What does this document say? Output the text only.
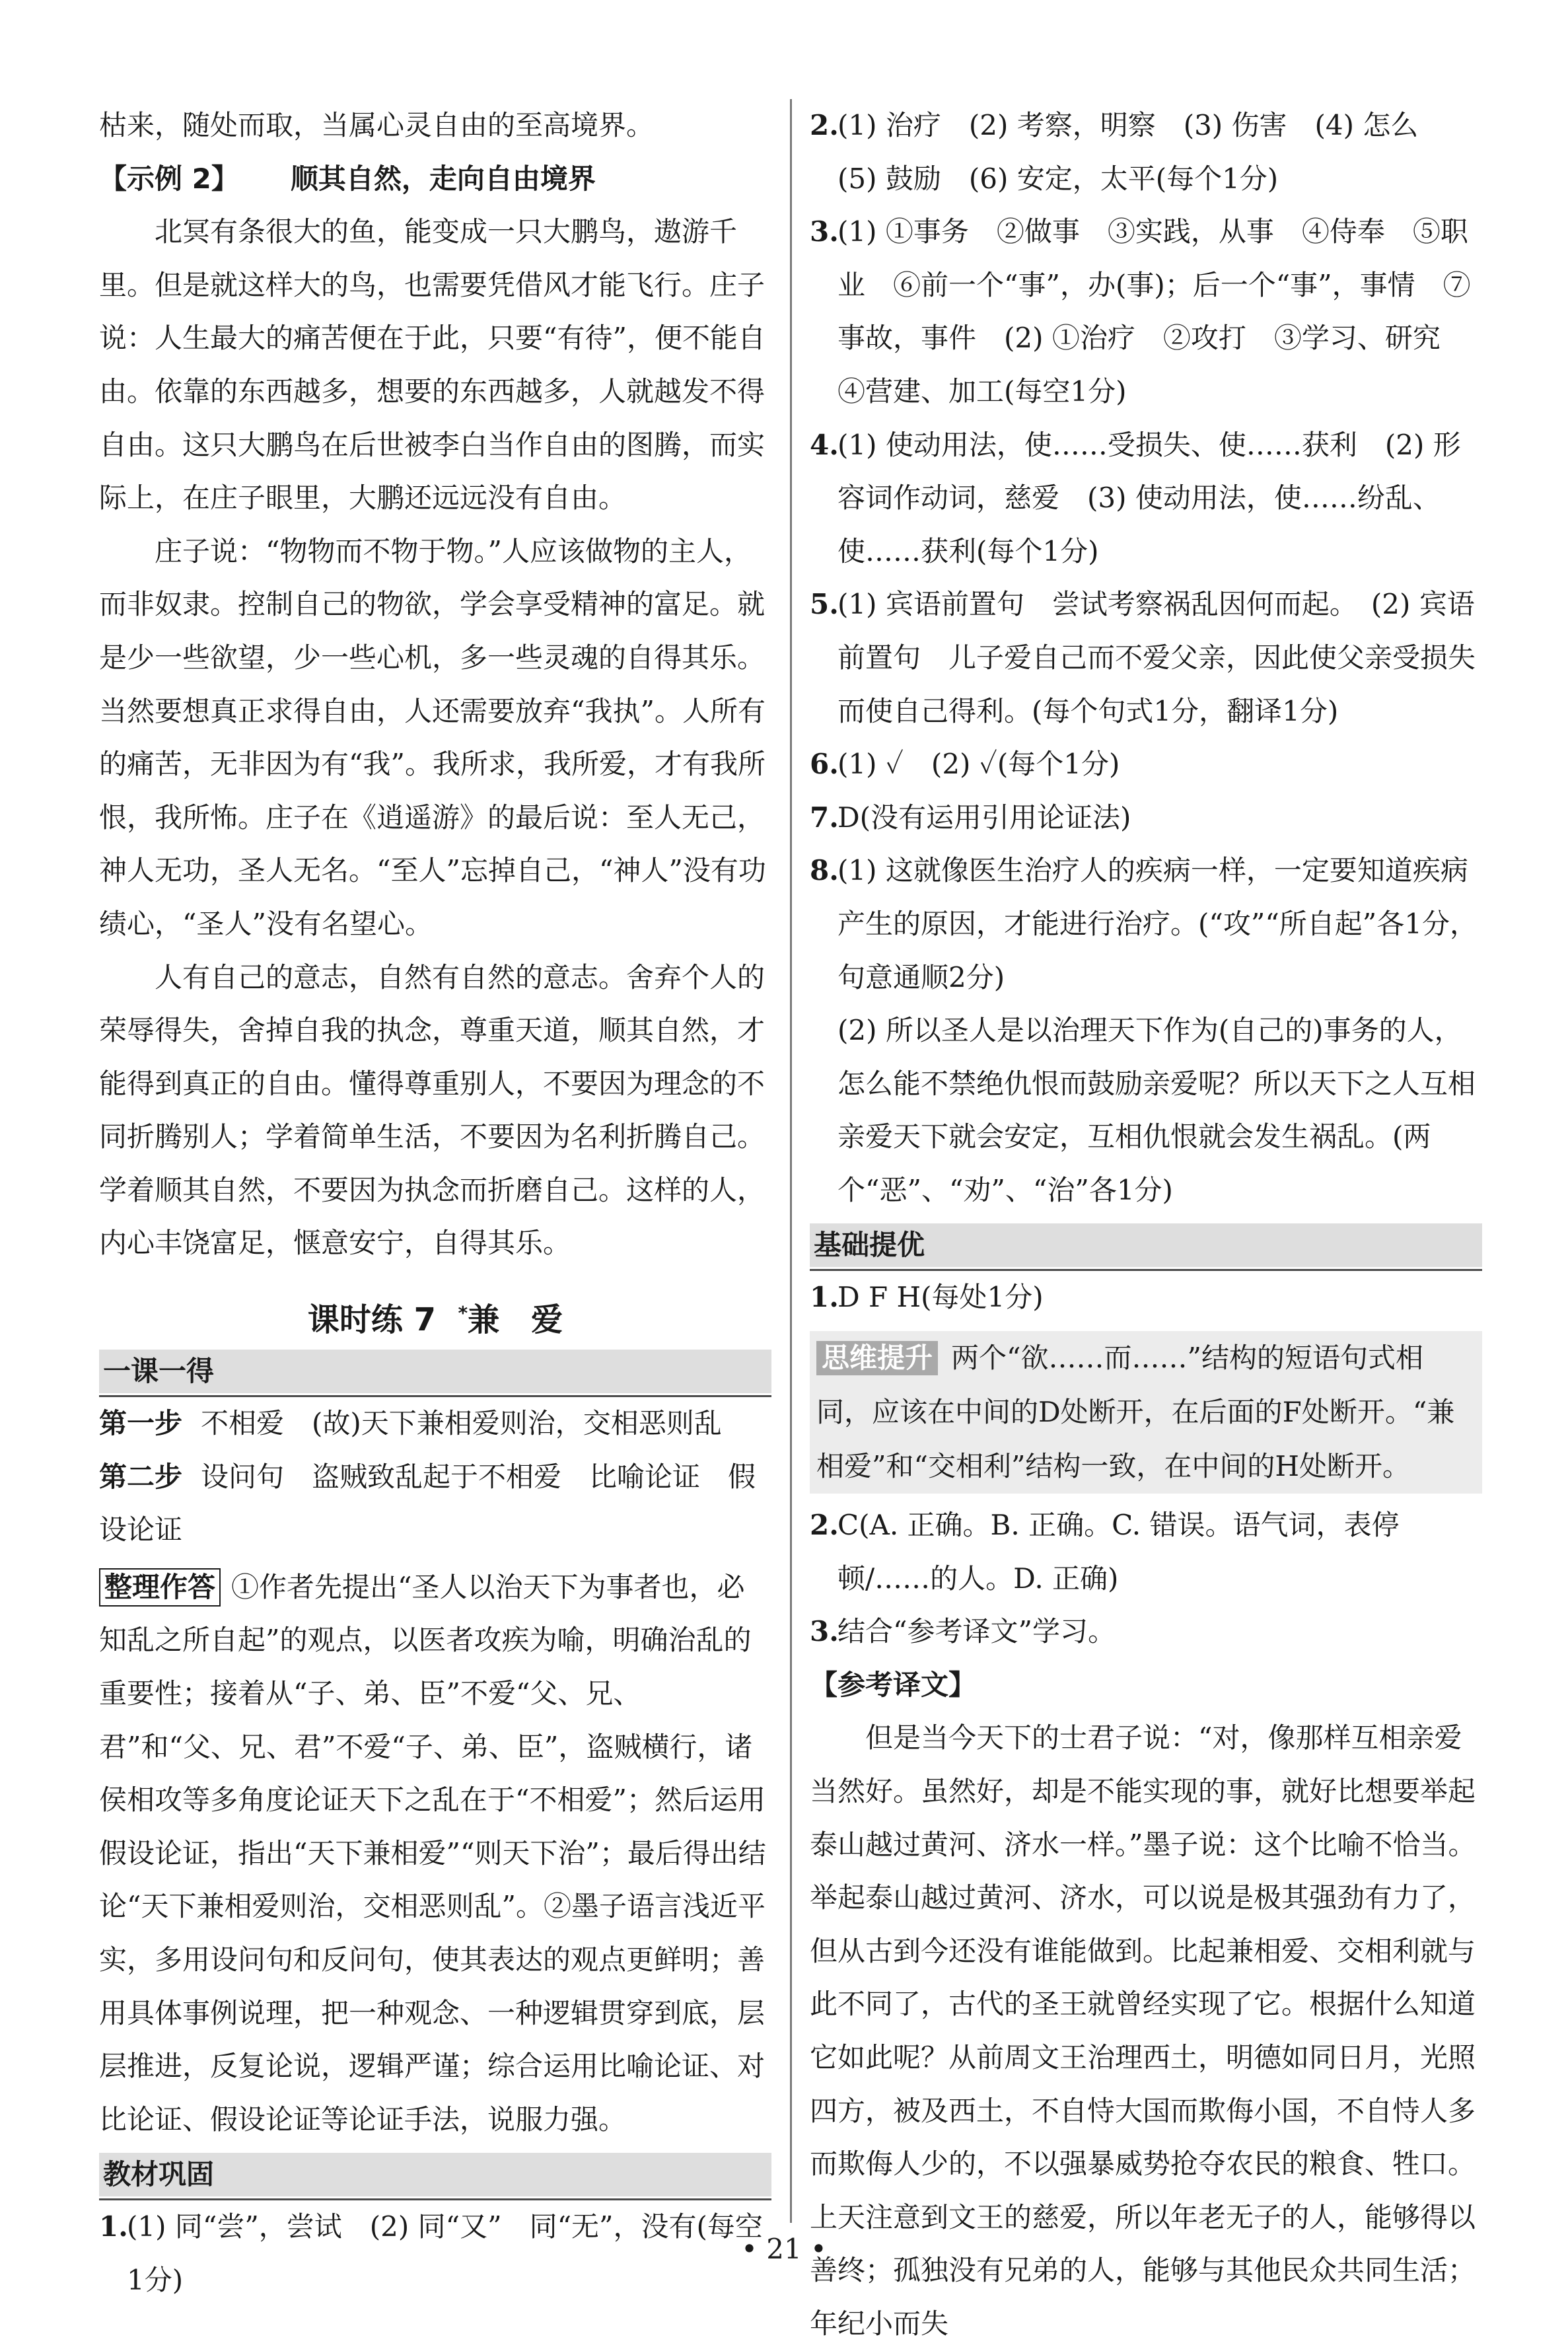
枯来，随处而取，当属心灵自由的至高境界。

【示例 2】 顺其自然，走向自由境界

北冥有条很大的鱼，能变成一只大鹏鸟，遨游千里。但是就这样大的鸟，也需要凭借风才能飞行。庄子说：人生最大的痛苦便在于此，只要“有待”，便不能自由。依靠的东西越多，想要的东西越多，人就越发不得自由。这只大鹏鸟在后世被李白当作自由的图腾，而实际上，在庄子眼里，大鹏还远远没有自由。

庄子说：“物物而不物于物。”人应该做物的主人，而非奴隶。控制自己的物欲，学会享受精神的富足。就是少一些欲望，少一些心机，多一些灵魂的自得其乐。当然要想真正求得自由，人还需要放弃“我执”。人所有的痛苦，无非因为有“我”。我所求，我所爱，才有我所恨，我所怖。庄子在《逍遥游》的最后说：至人无己，神人无功，圣人无名。“至人”忘掉自己，“神人”没有功绩心，“圣人”没有名望心。

人有自己的意志，自然有自然的意志。舍弃个人的荣辱得失，舍掉自我的执念，尊重天道，顺其自然，才能得到真正的自由。懂得尊重别人，不要因为理念的不同折腾别人；学着简单生活，不要因为名利折腾自己。学着顺其自然，不要因为执念而折磨自己。这样的人，内心丰饶富足，惬意安宁，自得其乐。

课时练 7 *兼　爱
一课一得

第一步 不相爱　(故)天下兼相爱则治，交相恶则乱

第二步 设问句　盗贼致乱起于不相爱　比喻论证　假设论证

整理作答 ①作者先提出“圣人以治天下为事者也，必知乱之所自起”的观点，以医者攻疾为喻，明确治乱的重要性；接着从“子、弟、臣”不爱“父、兄、君”和“父、兄、君”不爱“子、弟、臣”，盗贼横行，诸侯相攻等多角度论证天下之乱在于“不相爱”；然后运用假设论证，指出“天下兼相爱”“则天下治”；最后得出结论“天下兼相爱则治，交相恶则乱”。②墨子语言浅近平实，多用设问句和反问句，使其表达的观点更鲜明；善用具体事例说理，把一种观念、一种逻辑贯穿到底，层层推进，反复论说，逻辑严谨；综合运用比喻论证、对比论证、假设论证等论证手法，说服力强。

教材巩固
1.
(1) 同“尝”，尝试　(2) 同“又”　同“无”，没有(每空1分)
2.
(1) 治疗　(2) 考察，明察　(3) 伤害　(4) 怎么　(5) 鼓励　(6) 安定，太平(每个1分)
3.
(1) ①事务　②做事　③实践，从事　④侍奉　⑤职业　⑥前一个“事”，办(事)；后一个“事”，事情　⑦事故，事件　(2) ①治疗　②攻打　③学习、研究　④营建、加工(每空1分)
4.
(1) 使动用法，使……受损失、使……获利　(2) 形容词作动词，慈爱　(3) 使动用法，使……纷乱、使……获利(每个1分)
5.
(1) 宾语前置句　尝试考察祸乱因何而起。　(2) 宾语前置句　儿子爱自己而不爱父亲，因此使父亲受损失而使自己得利。(每个句式1分，翻译1分)
6.
(1) ✓　(2) ✓(每个1分)
7.
D(没有运用引用论证法)
8.
(1) 这就像医生治疗人的疾病一样，一定要知道疾病产生的原因，才能进行治疗。(“攻”“所自起”各1分，句意通顺2分)
(2) 所以圣人是以治理天下作为(自己的)事务的人，怎么能不禁绝仇恨而鼓励亲爱呢？所以天下之人互相亲爱天下就会安定，互相仇恨就会发生祸乱。(两个“恶”、“劝”、“治”各1分)
基础提优
1.
D F H(每处1分)
思维提升 两个“欲……而……”结构的短语句式相同，应该在中间的D处断开，在后面的F处断开。“兼相爱”和“交相利”结构一致，在中间的H处断开。
2.
C(A. 正确。B. 正确。C. 错误。语气词，表停顿/……的人。D. 正确)
3.
结合“参考译文”学习。

【参考译文】

但是当今天下的士君子说：“对，像那样互相亲爱当然好。虽然好，却是不能实现的事，就好比想要举起泰山越过黄河、济水一样。”墨子说：这个比喻不恰当。举起泰山越过黄河、济水，可以说是极其强劲有力了，但从古到今还没有谁能做到。比起兼相爱、交相利就与此不同了，古代的圣王就曾经实现了它。根据什么知道它如此呢？从前周文王治理西土，明德如同日月，光照四方，被及西土，不自恃大国而欺侮小国，不自恃人多而欺侮人少的，不以强暴威势抢夺农民的粮食、牲口。上天注意到文王的慈爱，所以年老无子的人，能够得以善终；孤独没有兄弟的人，能够与其他民众共同生活；年纪小而失

• 21 •
